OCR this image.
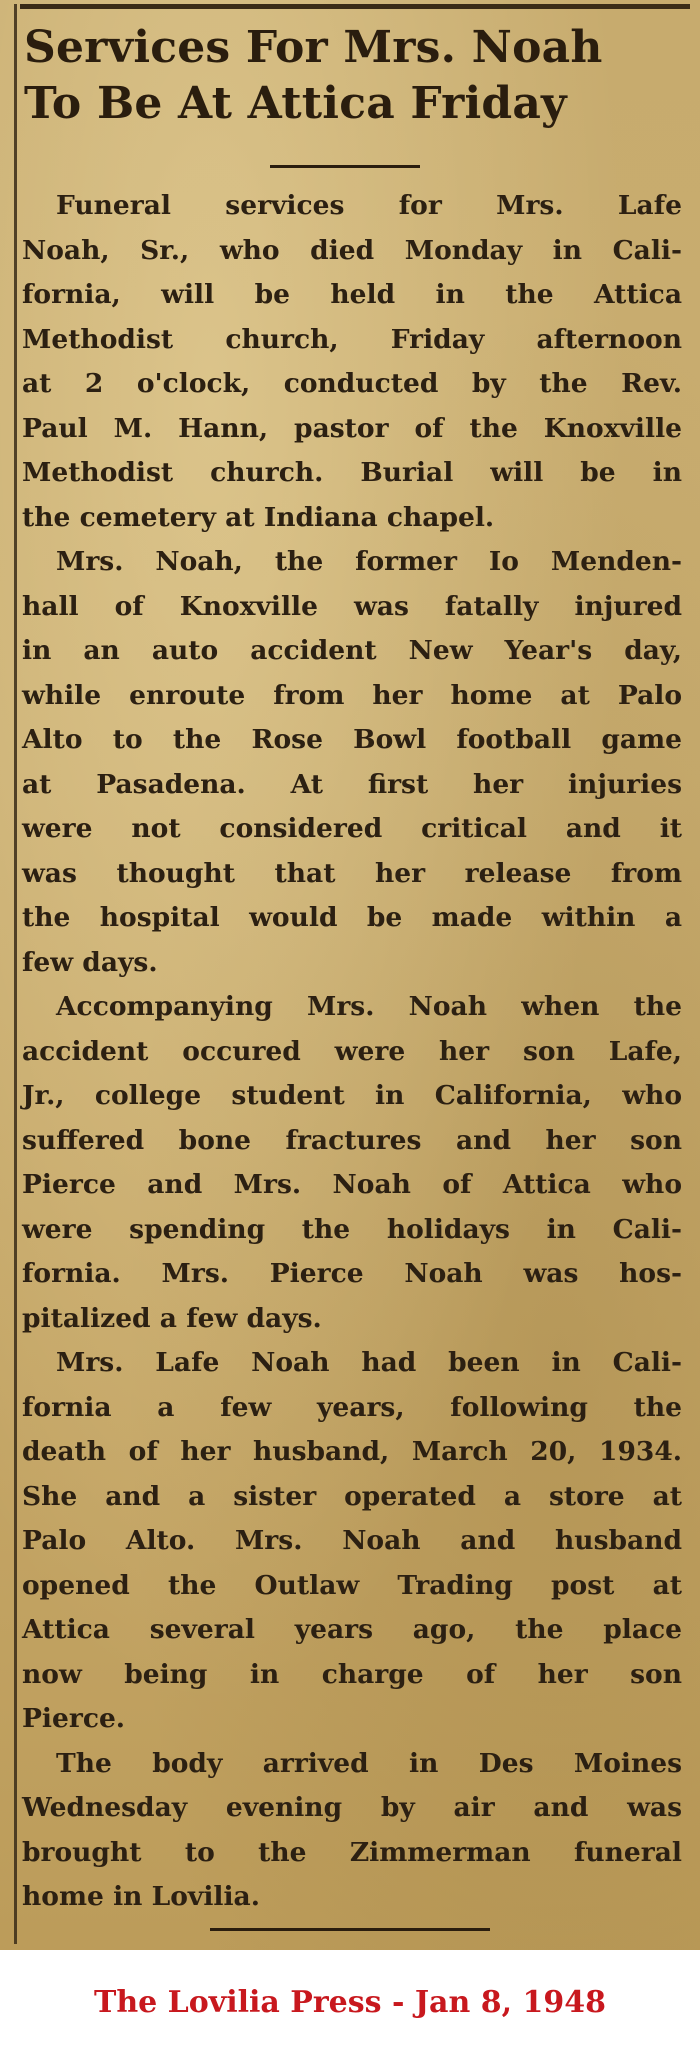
Services For Mrs. Noah
To Be At Attica Friday
Funeral services for Mrs. Lafe
Noah, Sr., who died Monday in Cali-
fornia, will be held in the Attica
Methodist church, Friday afternoon
at 2 o'clock, conducted by the Rev.
Paul M. Hann, pastor of the Knoxville
Methodist church. Burial will be in
the cemetery at Indiana chapel.
Mrs. Noah, the former Io Menden-
hall of Knoxville was fatally injured
in an auto accident New Year's day,
while enroute from her home at Palo
Alto to the Rose Bowl football game
at Pasadena. At first her injuries
were not considered critical and it
was thought that her release from
the hospital would be made within a
few days.
Accompanying Mrs. Noah when the
accident occured were her son Lafe,
Jr., college student in California, who
suffered bone fractures and her son
Pierce and Mrs. Noah of Attica who
were spending the holidays in Cali-
fornia. Mrs. Pierce Noah was hos-
pitalized a few days.
Mrs. Lafe Noah had been in Cali-
fornia a few years, following the
death of her husband, March 20, 1934.
She and a sister operated a store at
Palo Alto. Mrs. Noah and husband
opened the Outlaw Trading post at
Attica several years ago, the place
now being in charge of her son
Pierce.
The body arrived in Des Moines
Wednesday evening by air and was
brought to the Zimmerman funeral
home in Lovilia.
The Lovilia Press - Jan 8, 1948
